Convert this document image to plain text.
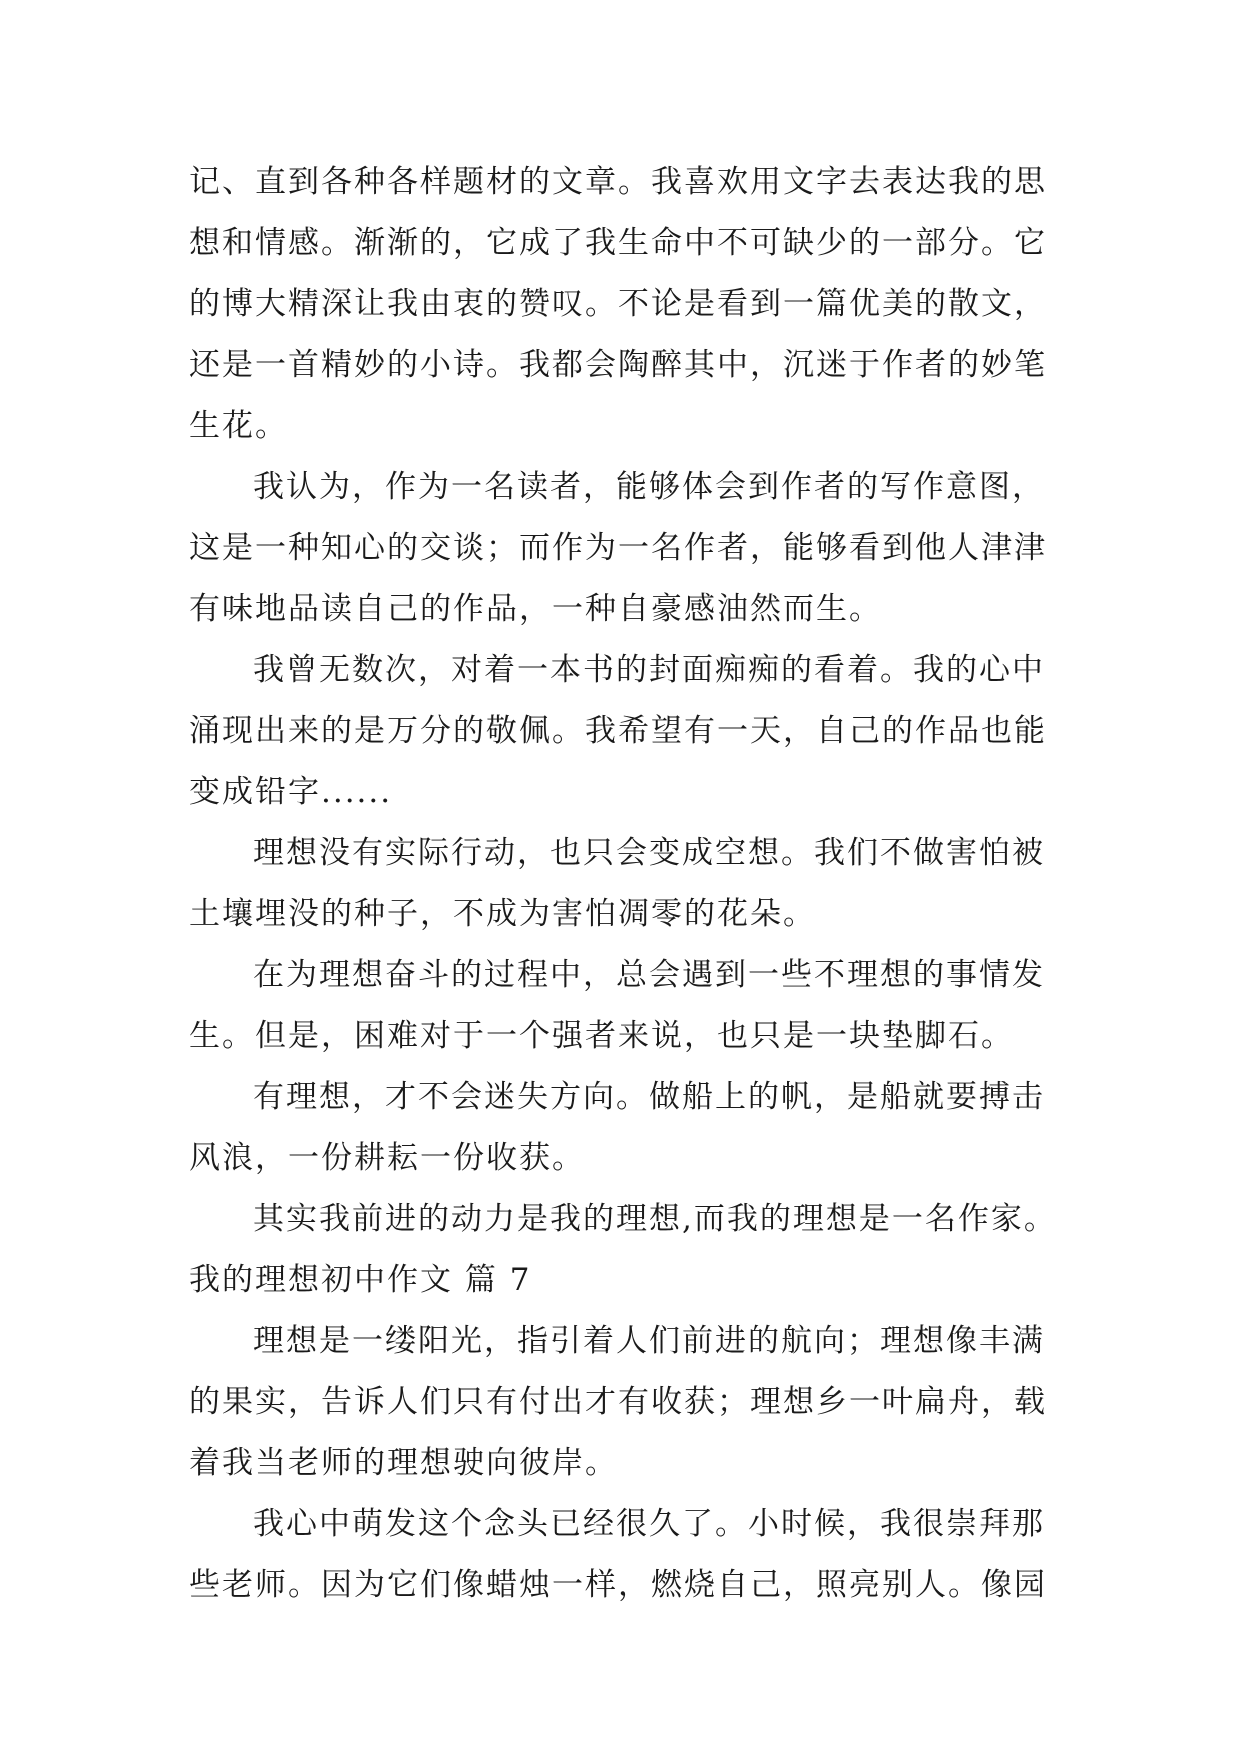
记、直到各种各样题材的文章。我喜欢用文字去表达我的思
想和情感。渐渐的，它成了我生命中不可缺少的一部分。它
的博大精深让我由衷的赞叹。不论是看到一篇优美的散文，
还是一首精妙的小诗。我都会陶醉其中，沉迷于作者的妙笔
生花。
我认为，作为一名读者，能够体会到作者的写作意图，
这是一种知心的交谈；而作为一名作者，能够看到他人津津
有味地品读自己的作品，一种自豪感油然而生。
我曾无数次，对着一本书的封面痴痴的看着。我的心中
涌现出来的是万分的敬佩。我希望有一天，自己的作品也能
变成铅字......
理想没有实际行动，也只会变成空想。我们不做害怕被
土壤埋没的种子，不成为害怕凋零的花朵。
在为理想奋斗的过程中，总会遇到一些不理想的事情发
生。但是，困难对于一个强者来说，也只是一块垫脚石。
有理想，才不会迷失方向。做船上的帆，是船就要搏击
风浪，一份耕耘一份收获。
其实我前进的动力是我的理想,而我的理想是一名作家。
我的理想初中作文 篇 7
理想是一缕阳光，指引着人们前进的航向；理想像丰满
的果实，告诉人们只有付出才有收获；理想乡一叶扁舟，载
着我当老师的理想驶向彼岸。
我心中萌发这个念头已经很久了。小时候，我很崇拜那
些老师。因为它们像蜡烛一样，燃烧自己，照亮别人。像园
